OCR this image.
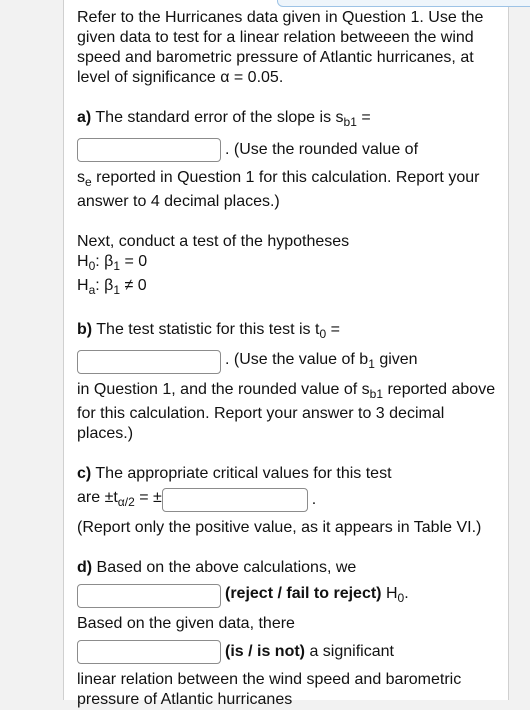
Refer to the Hurricanes data given in Question 1. Use the given data to test for a linear relation betweeen the wind speed and barometric pressure of Atlantic hurricanes, at level of significance α = 0.05.

a) The standard error of the slope is $s_{b1}$ =

. (Use the rounded value of

$s_e$ reported in Question 1 for this calculation. Report your answer to 4 decimal places.)

Next, conduct a test of the hypotheses

$H_0$: $\beta_1 = 0$

$H_a$: $\beta_1 \ne 0$

b) The test statistic for this test is $t_0$ =

. (Use the value of $b_1$ given

in Question 1, and the rounded value of $s_{b1}$ reported above for this calculation. Report your answer to 3 decimal places.)

c) The appropriate critical values for this test

are $\pm t_{\alpha/2}$ = ±	.

(Report only the positive value, as it appears in Table VI.)

d) Based on the above calculations, we

(reject / fail to reject) $H_0$.

Based on the given data, there

(is / is not) a significant

linear relation between the wind speed and barometric pressure of Atlantic hurricanes
